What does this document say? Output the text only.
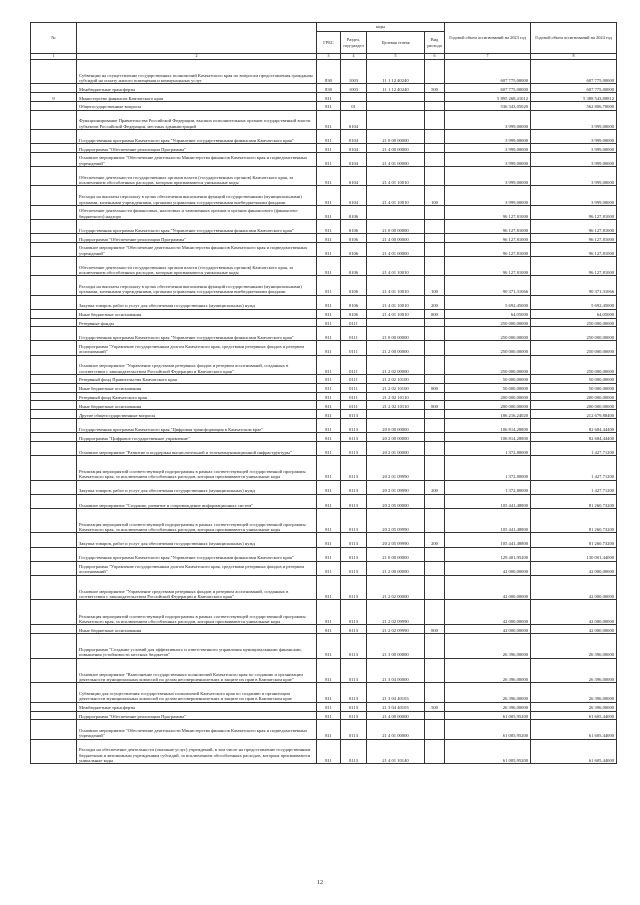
№		коды				Годовой объем ассигнований на 2023 год	Годовой объем ассигнований на 2024 год
		ГРБС	Раздел, под-раздел	Целевая статья	Вид расхода		
1	2	3	4	5	6	7	8
	Субвенции на осуществление государственных полномочий Камчатского края по вопросам предоставления гражданам субсидий на оплату жилого помещения и коммунальных услуг	830	1003	11 1 12 40240		607 775,00000	607 775,00000
	Межбюджетные трансферты	830	1003	11 1 12 40240	500	607 775,00000	607 775,00000
9	Министерство финансов Камчатского края	811				5 895 268,41012	5 388 543,80812
	Общегосударственные вопросы	811	01			536 343,05020	562 806,70000
	Функционирование Правительства Российской Федерации, высших исполнительных органов государственной власти субъектов Российской Федерации, местных администраций	811	0104			3 999,00000	3 999,00000
	Государственная программа Камчатского края "Управление государственными финансами Камчатского края"	811	0104	21 0 00 00000		3 999,00000	3 999,00000
	Подпрограмма "Обеспечение реализации Программы"	811	0104	21 4 00 00000		3 999,00000	3 999,00000
	Основное мероприятие "Обеспечение деятельности Министерства финансов Камчатского края и подведомственных учреждений"	811	0104	21 4 01 00000		3 999,00000	3 999,00000
	Обеспечение деятельности государственных органов власти (государственных органов) Камчатского края, за исключением обособленных расходов, которым присваиваются уникальные коды	811	0104	21 4 01 10010		3 999,00000	3 999,00000
	Расходы на выплаты персоналу в целях обеспечения выполнения функций государственными (муниципальными) органами, казенными учреждениями, органами управления государственными внебюджетными фондами	811	0104	21 4 01 10010	100	3 999,00000	3 999,00000
	Обеспечение деятельности финансовых, налоговых и таможенных органов и органов финансового (финансово-бюджетного) надзора	811	0106			96 127,81000	96 127,81000
	Государственная программа Камчатского края "Управление государственными финансами Камчатского края"	811	0106	21 0 00 00000		96 127,81000	96 127,81000
	Подпрограмма "Обеспечение реализации Программы"	811	0106	21 4 00 00000		96 127,81000	96 127,81000
	Основное мероприятие "Обеспечение деятельности Министерства финансов Камчатского края и подведомственных учреждений"	811	0106	21 4 01 00000		96 127,81000	96 127,81000
	Обеспечение деятельности государственных органов власти (государственных органов) Камчатского края, за исключением обособленных расходов, которым присваиваются уникальные коды	811	0106	21 4 01 10010		96 127,81000	96 127,81000
	Расходы на выплаты персоналу в целях обеспечения выполнения функций государственными (муниципальными) органами, казенными учреждениями, органами управления государственными внебюджетными фондами	811	0106	21 4 01 10010	100	90 371,31066	90 371,31066
	Закупка товаров, работ и услуг для обеспечения государственных (муниципальных) нужд	811	0106	21 4 01 10010	200	5 692,45000	5 692,45000
	Иные бюджетные ассигнования	811	0106	21 4 01 10010	800	64,05000	64,05000
	Резервные фонды	811	0111			250 000,00000	250 000,00000
	Государственная программа Камчатского края "Управление государственными финансами Камчатского края"	811	0111	21 0 00 00000		250 000,00000	250 000,00000
	Подпрограмма "Управление государственным долгом Камчатского края, средствами резервных фондов и резервом ассигнований"	811	0111	21 2 00 00000		250 000,00000	250 000,00000
	Основное мероприятие "Управление средствами резервных фондов и резервом ассигнований, созданных в соответствии с законодательством Российской Федерации и Камчатского края"	811	0111	21 2 02 00000		250 000,00000	250 000,00000
	Резервный фонд Правительства Камчатского края	811	0111	21 2 02 10100		50 000,00000	50 000,00000
	Иные бюджетные ассигнования	811	0111	21 2 02 10100	800	50 000,00000	50 000,00000
	Резервный фонд Камчатского края	811	0111	21 2 02 10110		200 000,00000	200 000,00000
	Иные бюджетные ассигнования	811	0111	21 2 02 10110	800	200 000,00000	200 000,00000
	Другие общегосударственные вопросы	811	0113			186 216,24020	212 679,88400
	Государственная программа Камчатского края "Цифровая трансформация в Камчатском крае"	811	0113	20 0 00 00000		106 814,28800	82 684,44400
	Подпрограмма "Цифровое государственное управление"	811	0113	20 2 00 00000		106 814,28800	82 684,44400
	Основное мероприятие "Развитие и поддержка вычислительной и телекоммуникационной инфраструктуры"	811	0113	20 2 01 00000		1 372,80000	1 427,71200
	Реализация мероприятий соответствующей подпрограммы в рамках соответствующей государственной программы Камчатского края, за исключением обособленных расходов, которым присваиваются уникальные коды	811	0113	20 2 01 09990		1 372,80000	1 427,71200
	Закупка товаров, работ и услуг для обеспечения государственных (муниципальных) нужд	811	0113	20 2 01 09990	200	1 372,80000	1 427,71200
	Основное мероприятие "Создание, развитие и сопровождение информационных систем"	811	0113	20 2 05 00000		105 441,48800	81 260,73200
	Реализация мероприятий соответствующей подпрограммы в рамках соответствующей государственной программы Камчатского края, за исключением обособленных расходов, которым присваиваются уникальные коды	811	0113	20 2 05 09990		105 441,48800	81 260,73200
	Закупка товаров, работ и услуг для обеспечения государственных (муниципальных) нужд	811	0113	20 2 05 09990	200	105 441,48800	81 260,73200
	Государственная программа Камчатского края "Управление государственными финансами Камчатского края"	811	0113	21 0 00 00000		129 401,95200	130 001,44000
	Подпрограмма "Управление государственным долгом Камчатского края, средствами резервных фондов и резервом ассигнований"	811	0113	21 2 00 00000		42 000,00000	42 000,00000
	Основное мероприятие "Управление средствами резервных фондов и резервом ассигнований, созданных в соответствии с законодательством Российской Федерации и Камчатского края"	811	0113	21 2 02 00000		42 000,00000	42 000,00000
	Реализация мероприятий соответствующей подпрограммы в рамках соответствующей государственной программы Камчатского края, за исключением обособленных расходов, которым присваиваются уникальные коды	811	0113	21 2 02 09990		42 000,00000	42 000,00000
	Иные бюджетные ассигнования	811	0113	21 2 02 09990	800	42 000,00000	42 000,00000
	Подпрограмма "Создание условий для эффективного и ответственного управления муниципальными финансами, повышения устойчивости местных бюджетов"	811	0113	21 3 00 00000		26 396,00000	26 396,00000
	Основное мероприятие "Выполнение государственных полномочий Камчатского края по созданию и организации деятельности муниципальных комиссий по делам несовершеннолетних и защите их прав в Камчатском крае"	811	0113	21 3 04 00000		26 396,00000	26 396,00000
	Субвенции для осуществления государственных полномочий Камчатского края по созданию и организации деятельности муниципальных комиссий по делам несовершеннолетних и защите их прав в Камчатском крае	811	0113	21 3 04 40103		26 396,00000	26 396,00000
	Межбюджетные трансферты	811	0113	21 3 04 40103	500	26 396,00000	26 396,00000
	Подпрограмма "Обеспечение реализации Программы"	811	0113	21 4 00 00000		61 005,95200	61 605,44000
	Основное мероприятие "Обеспечение деятельности Министерства финансов Камчатского края и подведомственных учреждений"	811	0113	21 4 01 00000		61 005,95200	61 605,44000
	Расходы на обеспечение деятельности (оказание услуг) учреждений, в том числе на предоставление государственным бюджетным и автономным учреждениям субсидий, за исключением обособленных расходов, которым присваиваются уникальные коды	811	0113	21 4 01 10140		61 005,95200	61 605,44000
12
